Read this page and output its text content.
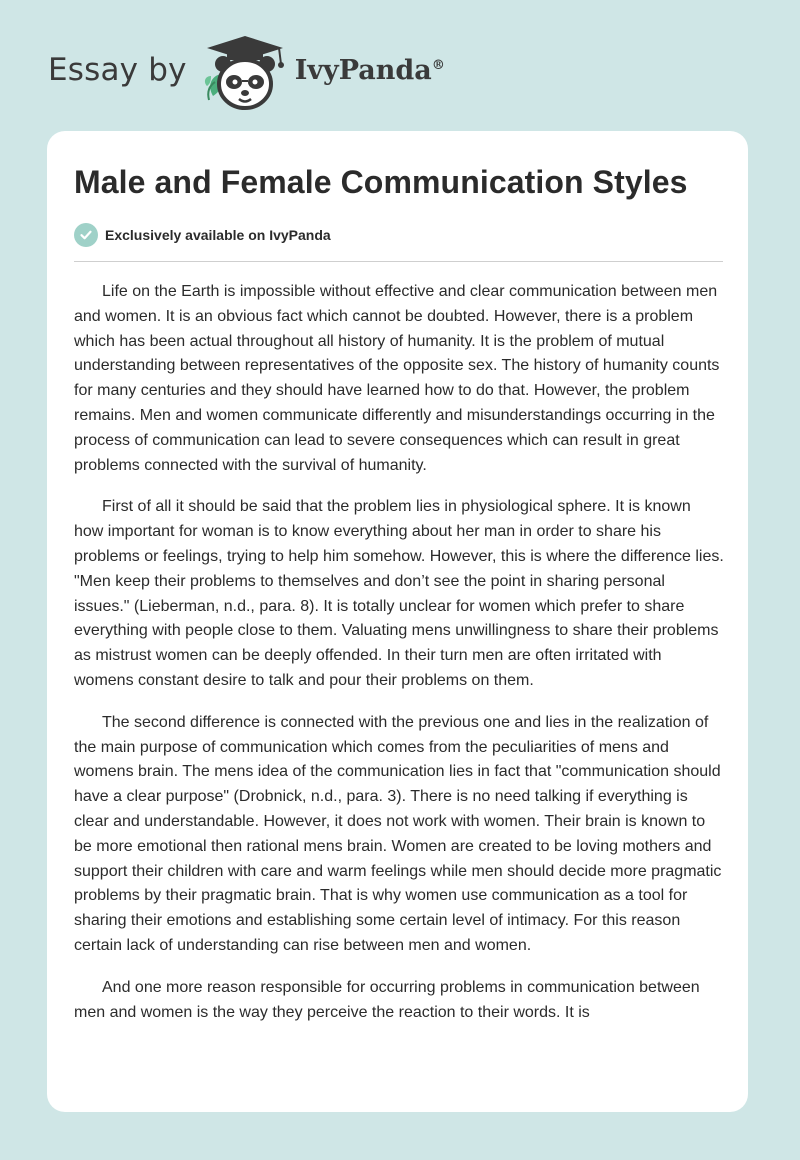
Essay by	IvyPanda®
Male and Female Communication Styles
Exclusively available on IvyPanda

Life on the Earth is impossible without effective and clear communication between men and women. It is an obvious fact which cannot be doubted. However, there is a problem which has been actual throughout all history of humanity. It is the problem of mutual understanding between representatives of the opposite sex. The history of humanity counts for many centuries and they should have learned how to do that. However, the problem remains. Men and women communicate differently and misunderstandings occurring in the process of communication can lead to severe consequences which can result in great problems connected with the survival of humanity.

First of all it should be said that the problem lies in physiological sphere. It is known how important for woman is to know everything about her man in order to share his problems or feelings, trying to help him somehow. However, this is where the difference lies. "Men keep their problems to themselves and don’t see the point in sharing personal issues." (Lieberman, n.d., para. 8). It is totally unclear for women which prefer to share everything with people close to them. Valuating mens unwillingness to share their problems as mistrust women can be deeply offended. In their turn men are often irritated with womens constant desire to talk and pour their problems on them.

The second difference is connected with the previous one and lies in the realization of the main purpose of communication which comes from the peculiarities of mens and womens brain. The mens idea of the communication lies in fact that "communication should have a clear purpose" (Drobnick, n.d., para. 3). There is no need talking if everything is clear and understandable. However, it does not work with women. Their brain is known to be more emotional then rational mens brain. Women are created to be loving mothers and support their children with care and warm feelings while men should decide more pragmatic problems by their pragmatic brain. That is why women use communication as a tool for sharing their emotions and establishing some certain level of intimacy. For this reason certain lack of understanding can rise between men and women.

And one more reason responsible for occurring problems in communication between men and women is the way they perceive the reaction to their words. It is
